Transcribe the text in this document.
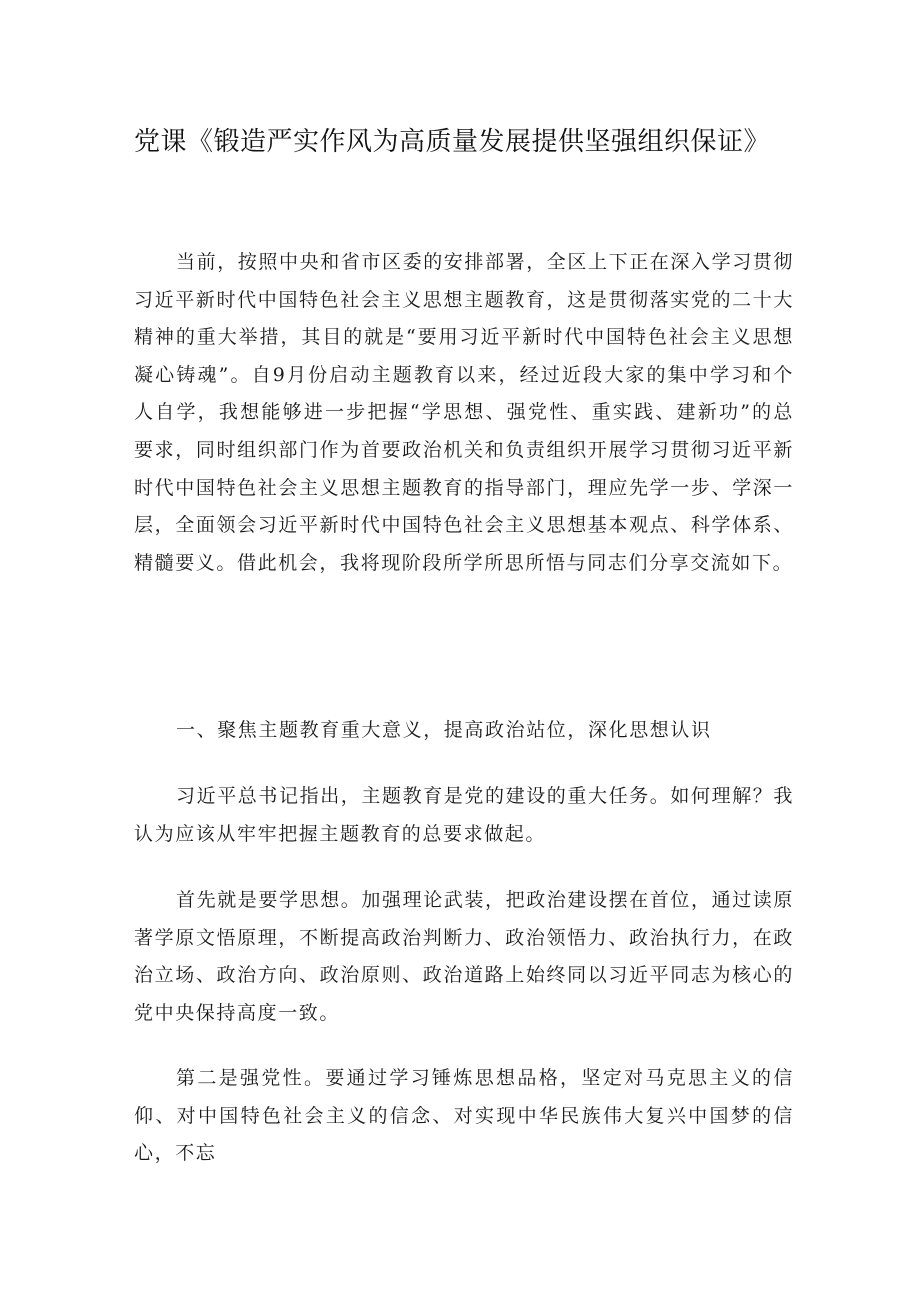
党课《锻造严实作风为高质量发展提供坚强组织保证》

当前，按照中央和省市区委的安排部署，全区上下正在深入学习贯彻习近平新时代中国特色社会主义思想主题教育，这是贯彻落实党的二十大精神的重大举措，其目的就是“要用习近平新时代中国特色社会主义思想凝心铸魂”。自9月份启动主题教育以来，经过近段大家的集中学习和个人自学，我想能够进一步把握“学思想、强党性、重实践、建新功”的总要求，同时组织部门作为首要政治机关和负责组织开展学习贯彻习近平新时代中国特色社会主义思想主题教育的指导部门，理应先学一步、学深一层，全面领会习近平新时代中国特色社会主义思想基本观点、科学体系、精髓要义。借此机会，我将现阶段所学所思所悟与同志们分享交流如下。

一、聚焦主题教育重大意义，提高政治站位，深化思想认识

习近平总书记指出，主题教育是党的建设的重大任务。如何理解？我认为应该从牢牢把握主题教育的总要求做起。

首先就是要学思想。加强理论武装，把政治建设摆在首位，通过读原著学原文悟原理，不断提高政治判断力、政治领悟力、政治执行力，在政治立场、政治方向、政治原则、政治道路上始终同以习近平同志为核心的党中央保持高度一致。

第二是强党性。要通过学习锤炼思想品格，坚定对马克思主义的信仰、对中国特色社会主义的信念、对实现中华民族伟大复兴中国梦的信心，不忘
